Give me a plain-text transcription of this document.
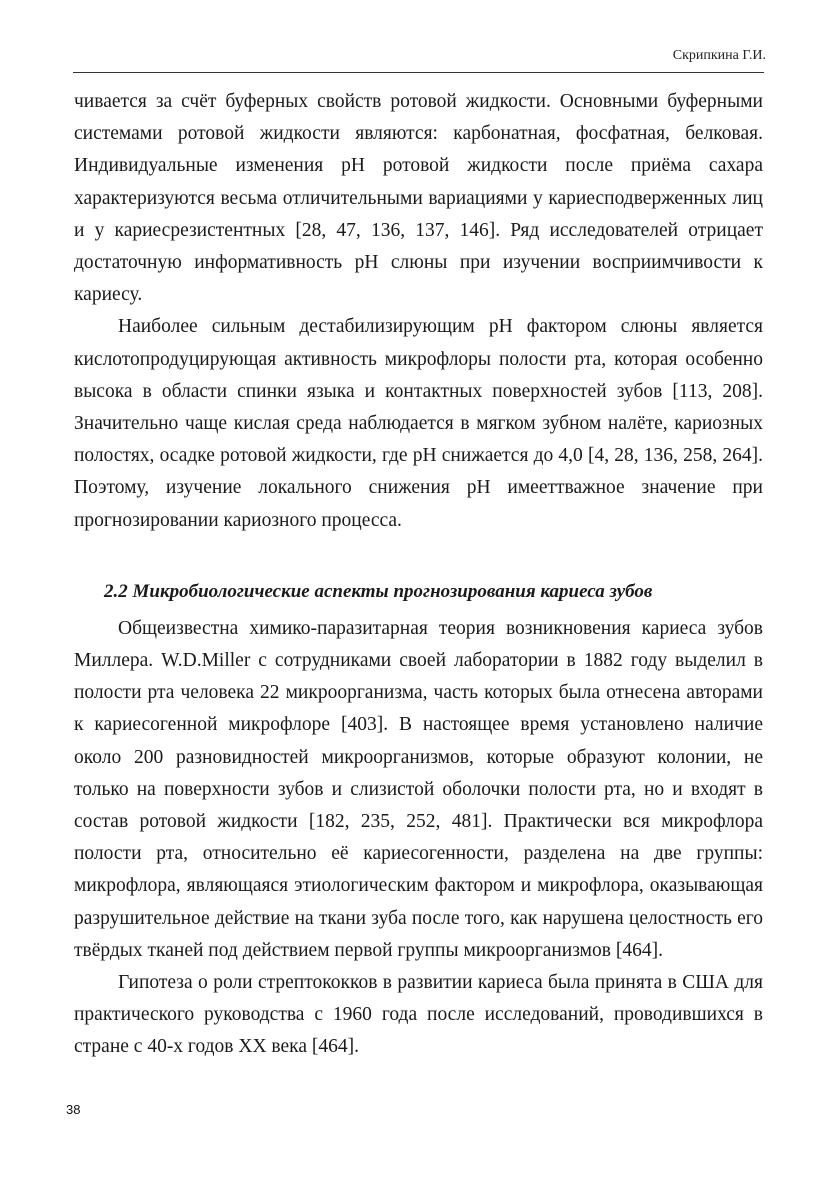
Скрипкина Г.И.

чивается за счёт буферных свойств ротовой жидкости. Основными буферными системами ротовой жидкости являются: карбонатная, фосфатная, белковая. Индивидуальные изменения pH ротовой жидкости после приёма сахара характеризуются весьма отличительными вариациями у кариесподверженных лиц и у кариесрезистентных [28, 47, 136, 137, 146]. Ряд исследователей отрицает достаточную информативность pH слюны при изучении восприимчивости к кариесу.

Наиболее сильным дестабилизирующим pH фактором слюны является кислотопродуцирующая активность микрофлоры полости рта, которая особенно высока в области спинки языка и контактных поверхностей зубов [113, 208]. Значительно чаще кислая среда наблюдается в мягком зубном налёте, кариозных полостях, осадке ротовой жидкости, где pH снижается до 4,0 [4, 28, 136, 258, 264]. Поэтому, изучение локального снижения pH имееттважное значение при прогнозировании кариозного процесса.

2.2 Микробиологические аспекты прогнозирования кариеса зубов

Общеизвестна химико-паразитарная теория возникновения кариеса зубов Миллера. W.D.Miller с сотрудниками своей лаборатории в 1882 году выделил в полости рта человека 22 микроорганизма, часть которых была отнесена авторами к кариесогенной микрофлоре [403]. В настоящее время установлено наличие около 200 разновидностей микроорганизмов, которые образуют колонии, не только на поверхности зубов и слизистой оболочки полости рта, но и входят в состав ротовой жидкости [182, 235, 252, 481]. Практически вся микрофлора полости рта, относительно её кариесогенности, разделена на две группы: микрофлора, являющаяся этиологическим фактором и микрофлора, оказывающая разрушительное действие на ткани зуба после того, как нарушена целостность его твёрдых тканей под действием первой группы микроорганизмов [464].

Гипотеза о роли стрептококков в развитии кариеса была принята в США для практического руководства с 1960 года после исследований, проводившихся в стране с 40-х годов XX века [464].

38
